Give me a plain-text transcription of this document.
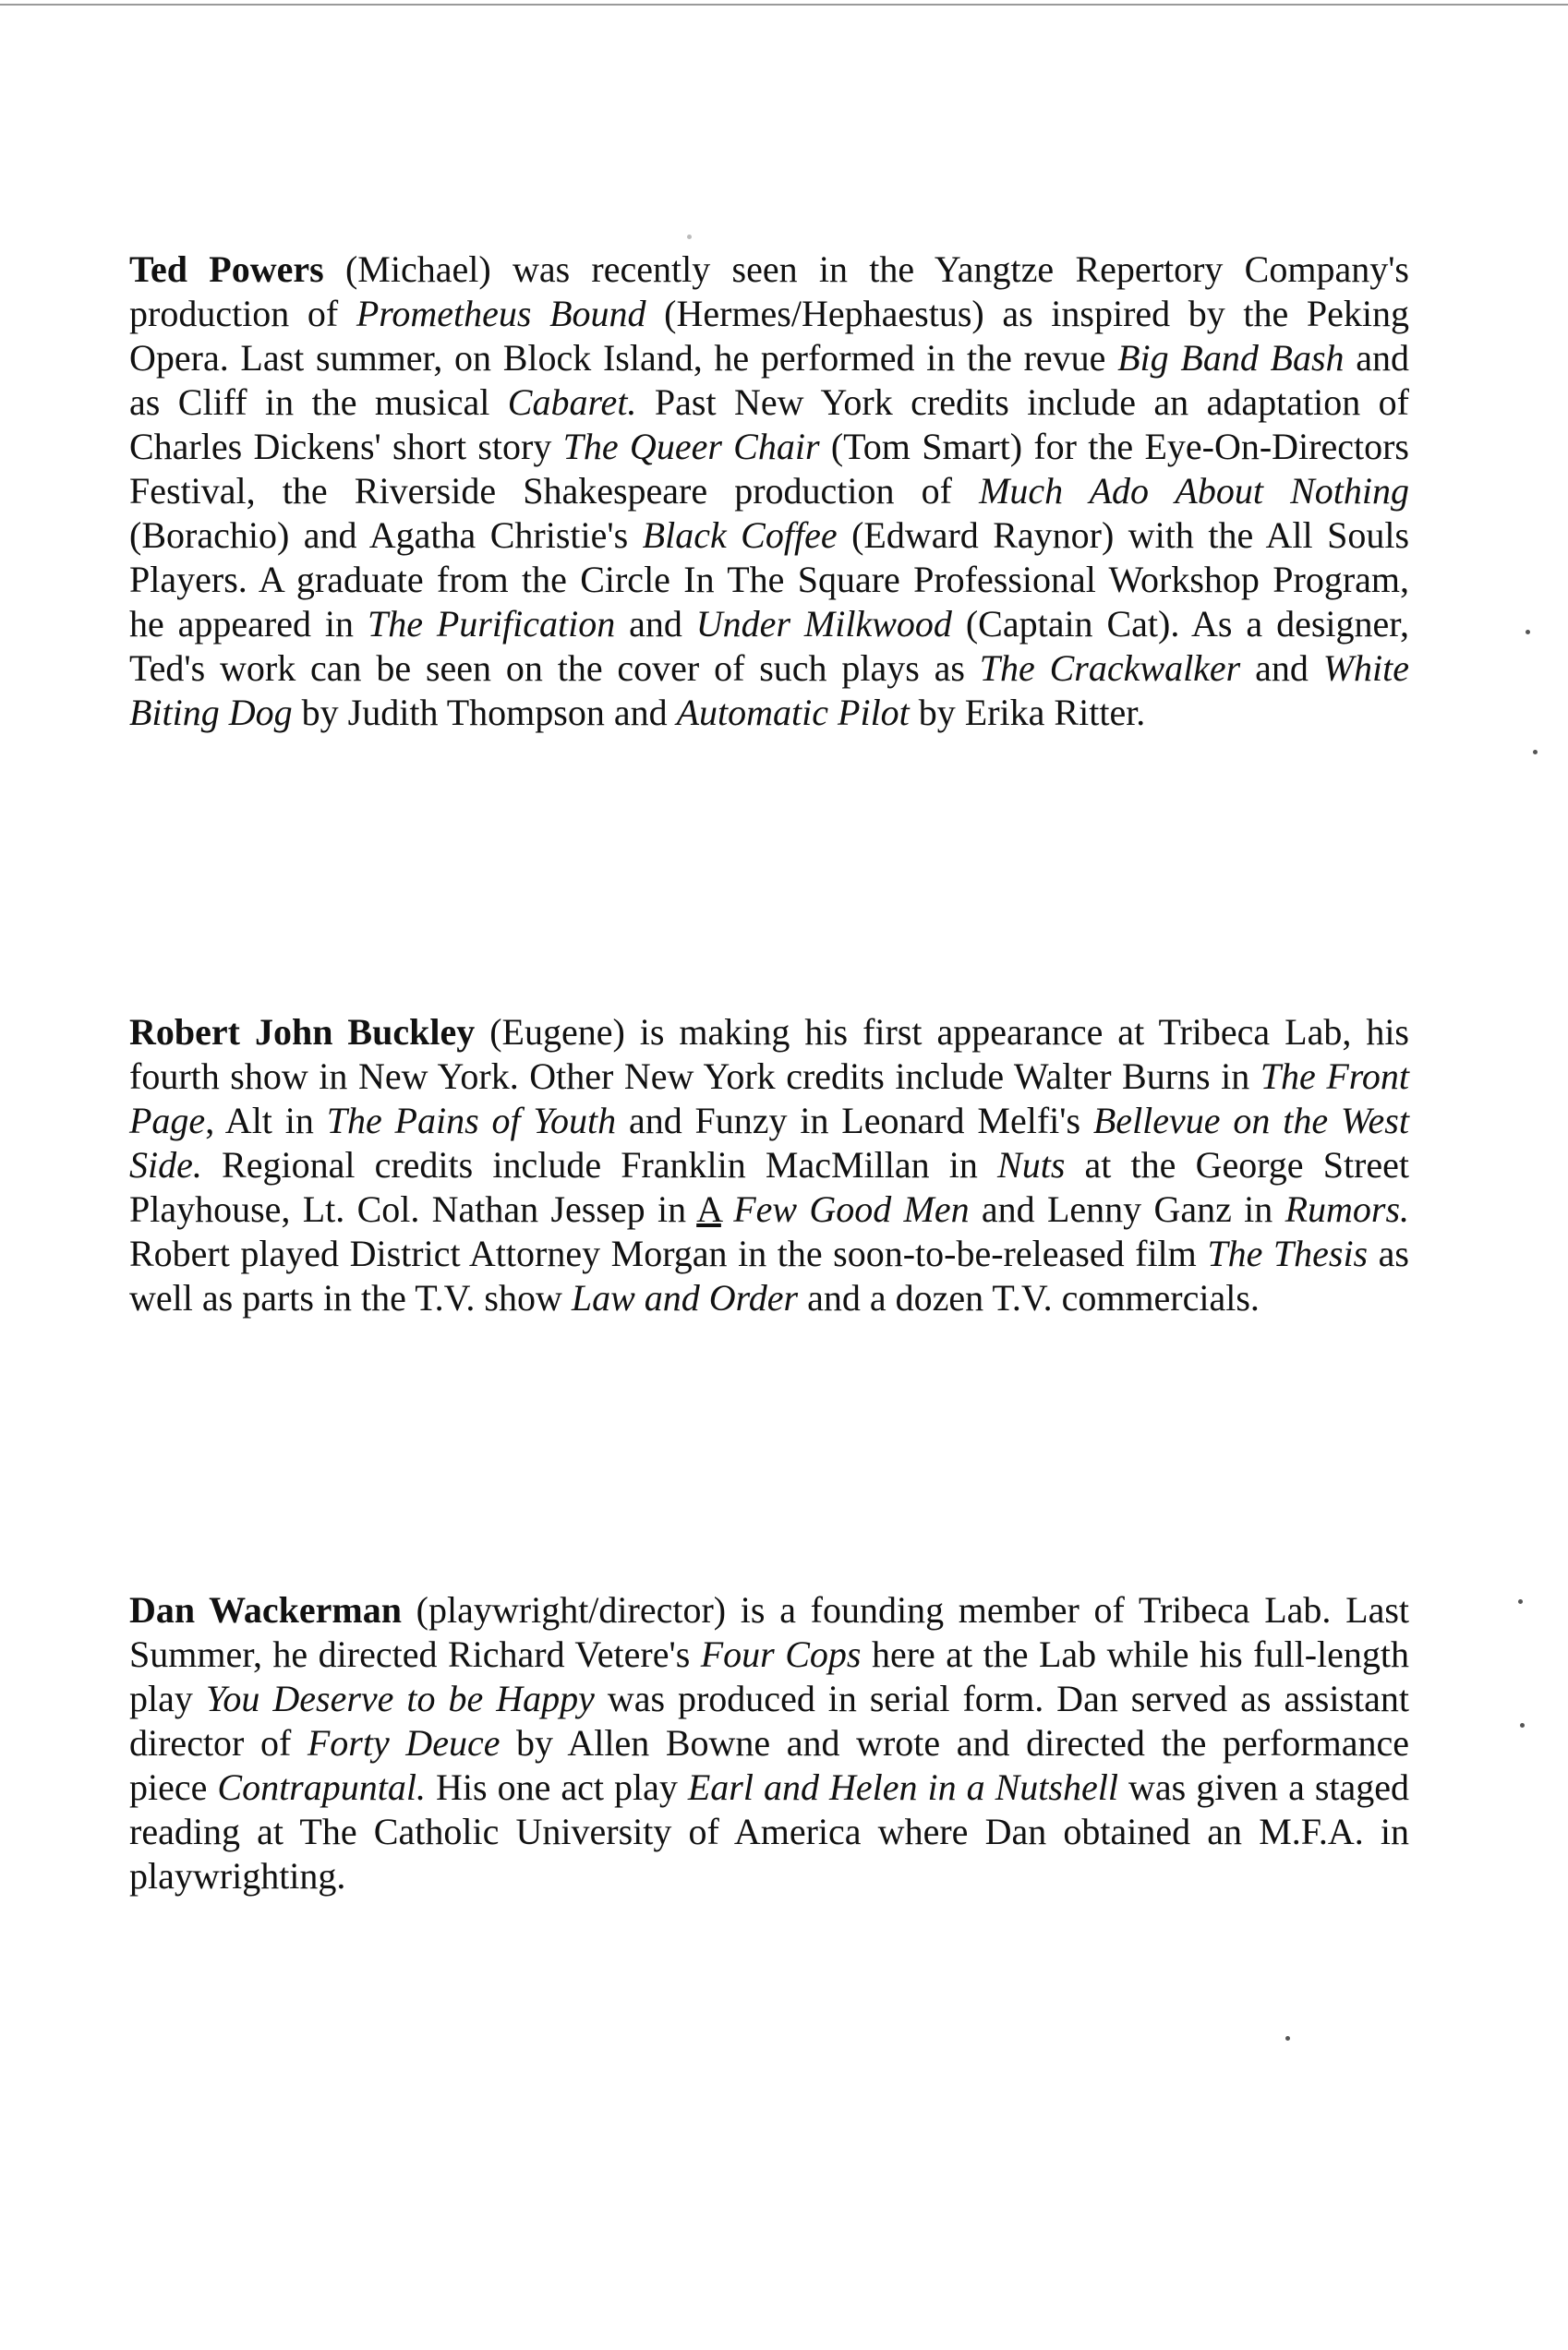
Ted Powers (Michael) was recently seen in the Yangtze Repertory Company's production of Prometheus Bound (Hermes/Hephaestus) as inspired by the Peking Opera. Last summer, on Block Island, he performed in the revue Big Band Bash and as Cliff in the musical Cabaret. Past New York credits include an adaptation of Charles Dickens' short story The Queer Chair (Tom Smart) for the Eye-On-Directors Festival, the Riverside Shakespeare production of Much Ado About Nothing (Borachio) and Agatha Christie's Black Coffee (Edward Raynor) with the All Souls Players. A graduate from the Circle In The Square Professional Workshop Program, he appeared in The Purification and Under Milkwood (Captain Cat). As a designer, Ted's work can be seen on the cover of such plays as The Crackwalker and White Biting Dog by Judith Thompson and Automatic Pilot by Erika Ritter.

Robert John Buckley (Eugene) is making his first appearance at Tribeca Lab, his fourth show in New York. Other New York credits include Walter Burns in The Front Page, Alt in The Pains of Youth and Funzy in Leonard Melfi's Bellevue on the West Side. Regional credits include Franklin MacMillan in Nuts at the George Street Playhouse, Lt. Col. Nathan Jessep in A Few Good Men and Lenny Ganz in Rumors. Robert played District Attorney Morgan in the soon-to-be-released film The Thesis as well as parts in the T.V. show Law and Order and a dozen T.V. commercials.

Dan Wackerman (playwright/director) is a founding member of Tribeca Lab. Last Summer, he directed Richard Vetere's Four Cops here at the Lab while his full-length play You Deserve to be Happy was produced in serial form. Dan served as assistant director of Forty Deuce by Allen Bowne and wrote and directed the performance piece Contrapuntal. His one act play Earl and Helen in a Nutshell was given a staged reading at The Catholic University of America where Dan obtained an M.F.A. in playwrighting.
